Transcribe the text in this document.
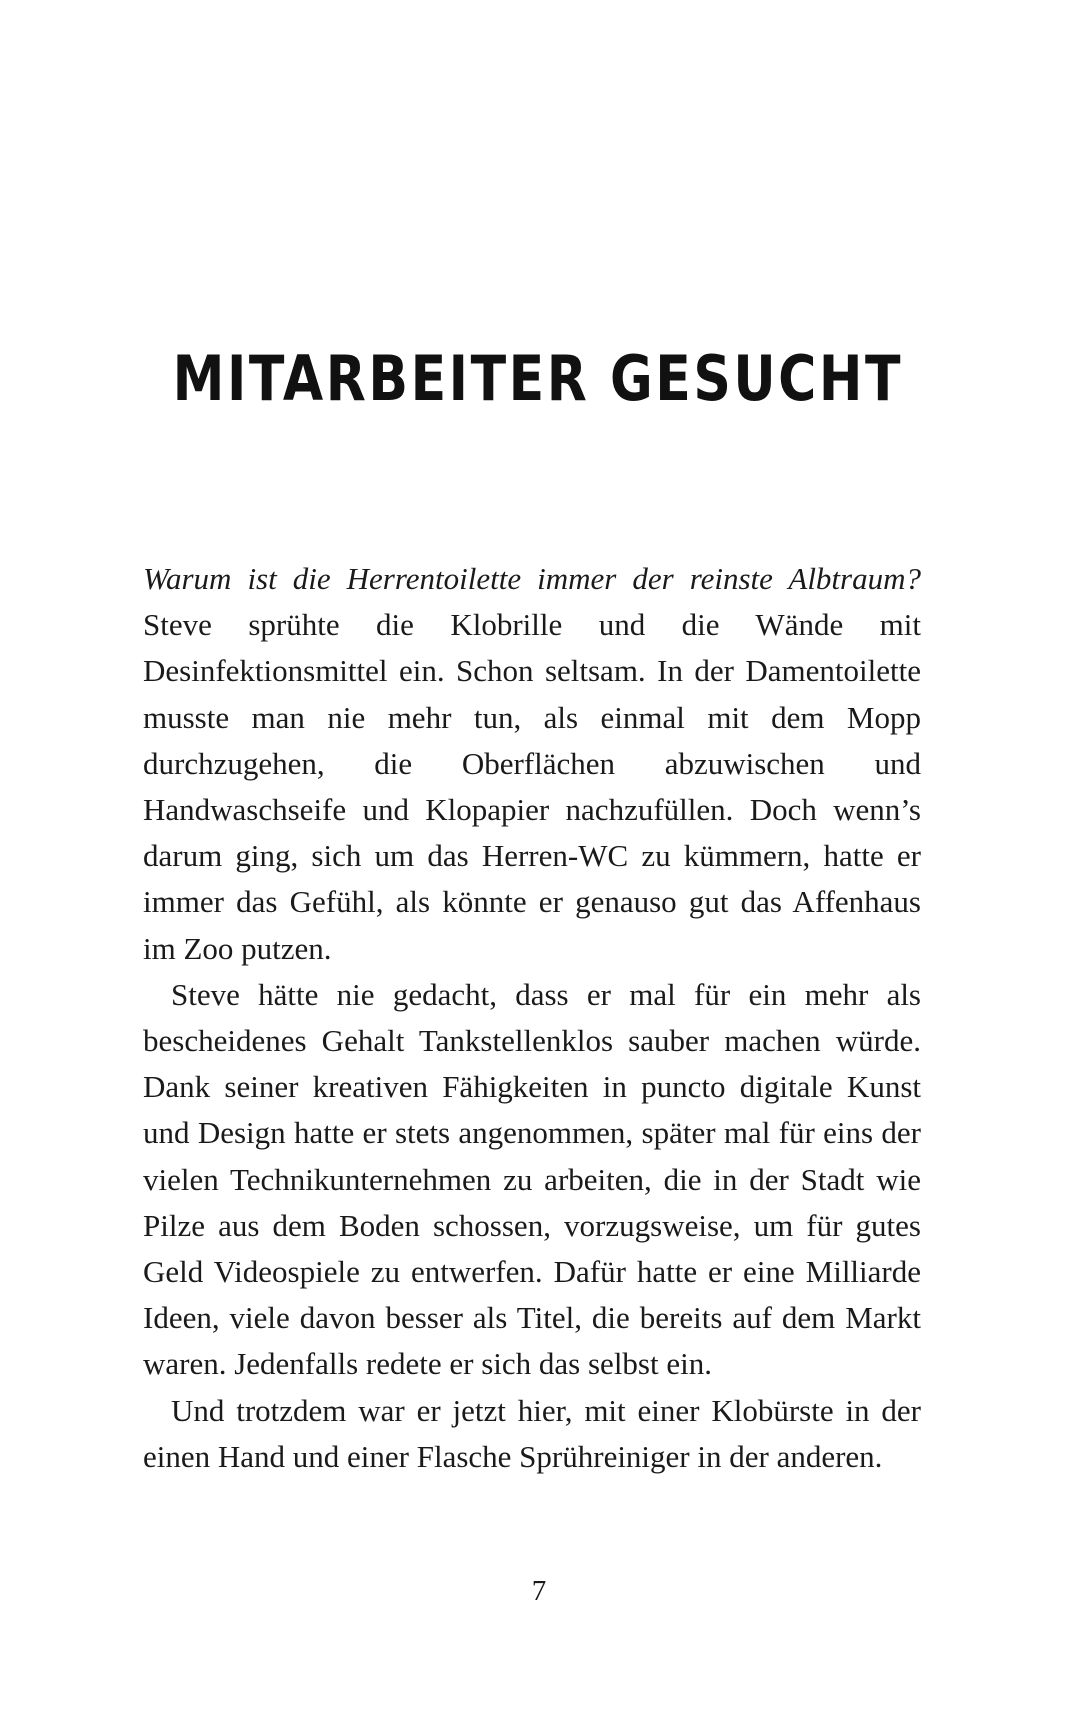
MITARBEITER GESUCHT

Warum ist die Herrentoilette immer der reinste Albtraum? Steve sprühte die Klobrille und die Wände mit Desinfektionsmittel ein. Schon seltsam. In der Damentoilette musste man nie mehr tun, als einmal mit dem Mopp durchzugehen, die Oberflächen abzuwischen und Handwaschseife und Klopapier nachzufüllen. Doch wenn’s darum ging, sich um das Herren-WC zu kümmern, hatte er immer das Gefühl, als könnte er genauso gut das Affenhaus im Zoo putzen.

Steve hätte nie gedacht, dass er mal für ein mehr als bescheidenes Gehalt Tankstellenklos sauber machen würde. Dank seiner kreativen Fähigkeiten in puncto digitale Kunst und Design hatte er stets angenommen, später mal für eins der vielen Technikunternehmen zu arbeiten, die in der Stadt wie Pilze aus dem Boden schossen, vorzugsweise, um für gutes Geld Videospiele zu entwerfen. Dafür hatte er eine Milliarde Ideen, viele davon besser als Titel, die bereits auf dem Markt waren. Jedenfalls redete er sich das selbst ein.

Und trotzdem war er jetzt hier, mit einer Klobürste in der einen Hand und einer Flasche Sprühreiniger in der anderen.

7
